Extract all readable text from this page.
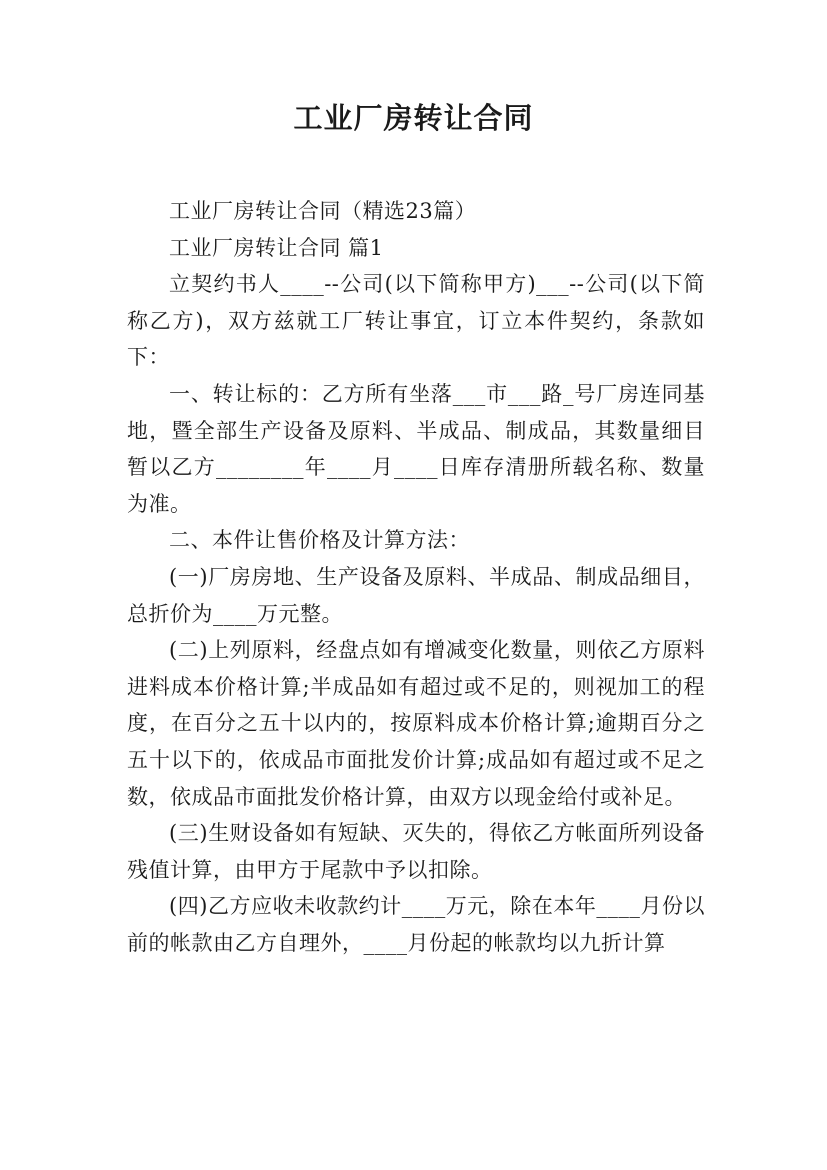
工业厂房转让合同

工业厂房转让合同（精选23篇）

工业厂房转让合同 篇1

立契约书人____--公司(以下简称甲方)___--公司(以下简称乙方)，双方兹就工厂转让事宜，订立本件契约，条款如下：

一、转让标的：乙方所有坐落___市___路_号厂房连同基地，暨全部生产设备及原料、半成品、制成品，其数量细目暂以乙方________年____月____日库存清册所载名称、数量为准。

二、本件让售价格及计算方法：

(一)厂房房地、生产设备及原料、半成品、制成品细目，总折价为____万元整。

(二)上列原料，经盘点如有增减变化数量，则依乙方原料进料成本价格计算;半成品如有超过或不足的，则视加工的程度，在百分之五十以内的，按原料成本价格计算;逾期百分之五十以下的，依成品市面批发价计算;成品如有超过或不足之数，依成品市面批发价格计算，由双方以现金给付或补足。

(三)生财设备如有短缺、灭失的，得依乙方帐面所列设备残值计算，由甲方于尾款中予以扣除。

(四)乙方应收未收款约计____万元，除在本年____月份以前的帐款由乙方自理外，____月份起的帐款均以九折计算
